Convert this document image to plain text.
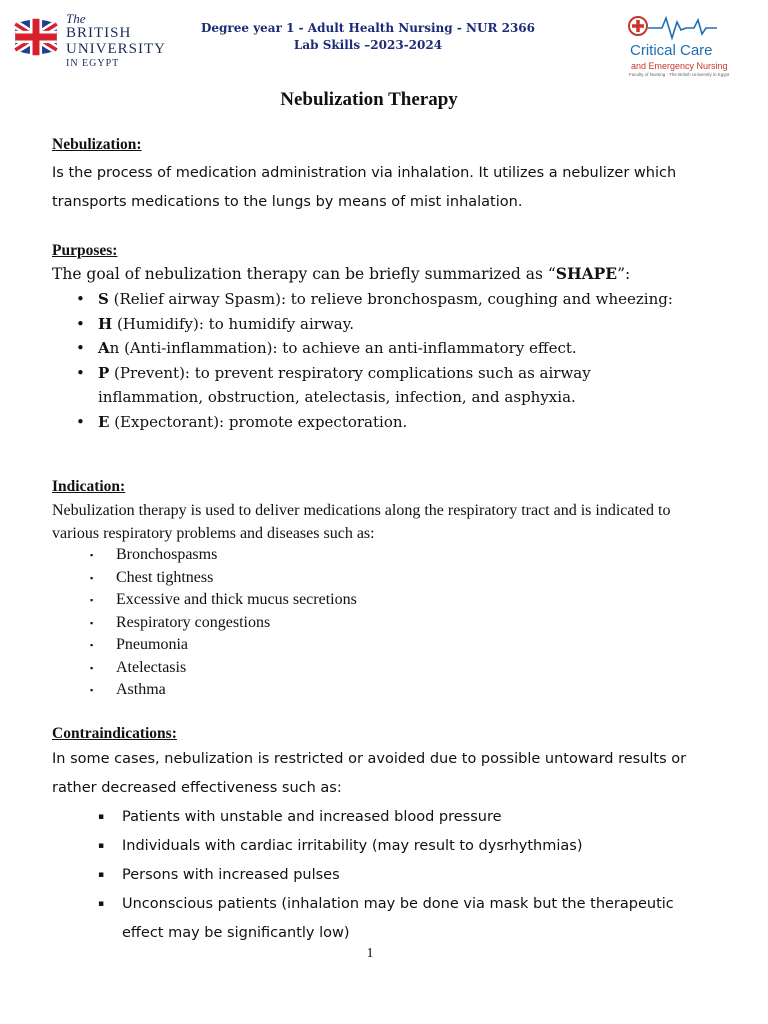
The
BRITISH
UNIVERSITY
IN EGYPT
Degree year 1 - Adult Health Nursing - NUR 2366
Lab Skills –2023-2024	Critical Care
and Emergency Nursing
Faculty of Nursing · The British University in Egypt
Nebulization Therapy
Nebulization:

Is the process of medication administration via inhalation. It utilizes a nebulizer which transports medications to the lungs by means of mist inhalation.

Purposes:

The goal of nebulization therapy can be briefly summarized as “SHAPE”:

• S (Relief airway Spasm): to relieve bronchospasm, coughing and wheezing:
• H (Humidify): to humidify airway.
• An (Anti-inflammation): to achieve an anti-inflammatory effect.
• P (Prevent): to prevent respiratory complications such as airway inflammation, obstruction, atelectasis, infection, and asphyxia.
• E (Expectorant): promote expectoration.
Indication:

Nebulization therapy is used to deliver medications along the respiratory tract and is indicated to various respiratory problems and diseases such as:

▪ Bronchospasms
▪ Chest tightness
▪ Excessive and thick mucus secretions
▪ Respiratory congestions
▪ Pneumonia
▪ Atelectasis
▪ Asthma
Contraindications:

In some cases, nebulization is restricted or avoided due to possible untoward results or rather decreased effectiveness such as:

▪ Patients with unstable and increased blood pressure
▪ Individuals with cardiac irritability (may result to dysrhythmias)
▪ Persons with increased pulses
▪ Unconscious patients (inhalation may be done via mask but the therapeutic effect may be significantly low)
1
